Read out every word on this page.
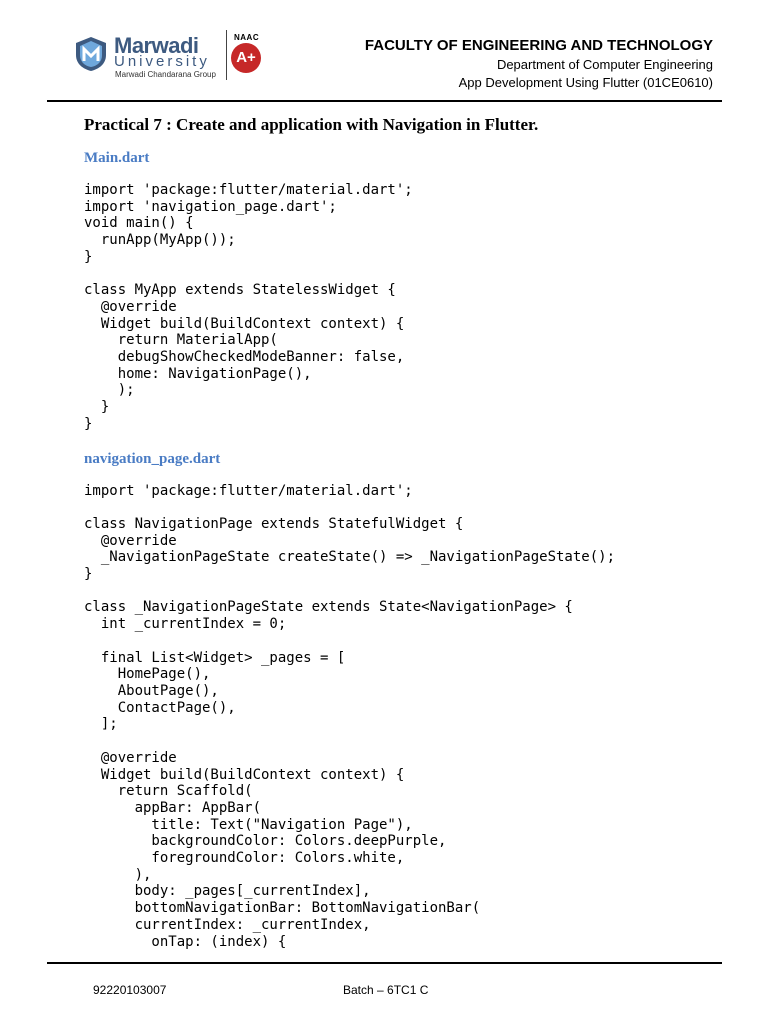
Marwadi
University
Marwadi Chandarana Group
NAAC
A+
FACULTY OF ENGINEERING AND TECHNOLOGY
Department of Computer Engineering
App Development Using Flutter (01CE0610)
Practical 7 : Create and application with Navigation in Flutter.
Main.dart
import 'package:flutter/material.dart';
import 'navigation_page.dart';
void main() {
runApp(MyApp());
}

class MyApp extends StatelessWidget {
@override
Widget build(BuildContext context) {
return MaterialApp(
debugShowCheckedModeBanner: false,
home: NavigationPage(),
);
}
}
navigation_page.dart
import 'package:flutter/material.dart';

class NavigationPage extends StatefulWidget {
@override
_NavigationPageState createState() => _NavigationPageState();
}

class _NavigationPageState extends State<NavigationPage> {
int _currentIndex = 0;

final List<Widget> _pages = [
HomePage(),
AboutPage(),
ContactPage(),
];

@override
Widget build(BuildContext context) {
return Scaffold(
appBar: AppBar(
title: Text("Navigation Page"),
backgroundColor: Colors.deepPurple,
foregroundColor: Colors.white,
),
body: _pages[_currentIndex],
bottomNavigationBar: BottomNavigationBar(
currentIndex: _currentIndex,
onTap: (index) {
92220103007	Batch – 6TC1 C
